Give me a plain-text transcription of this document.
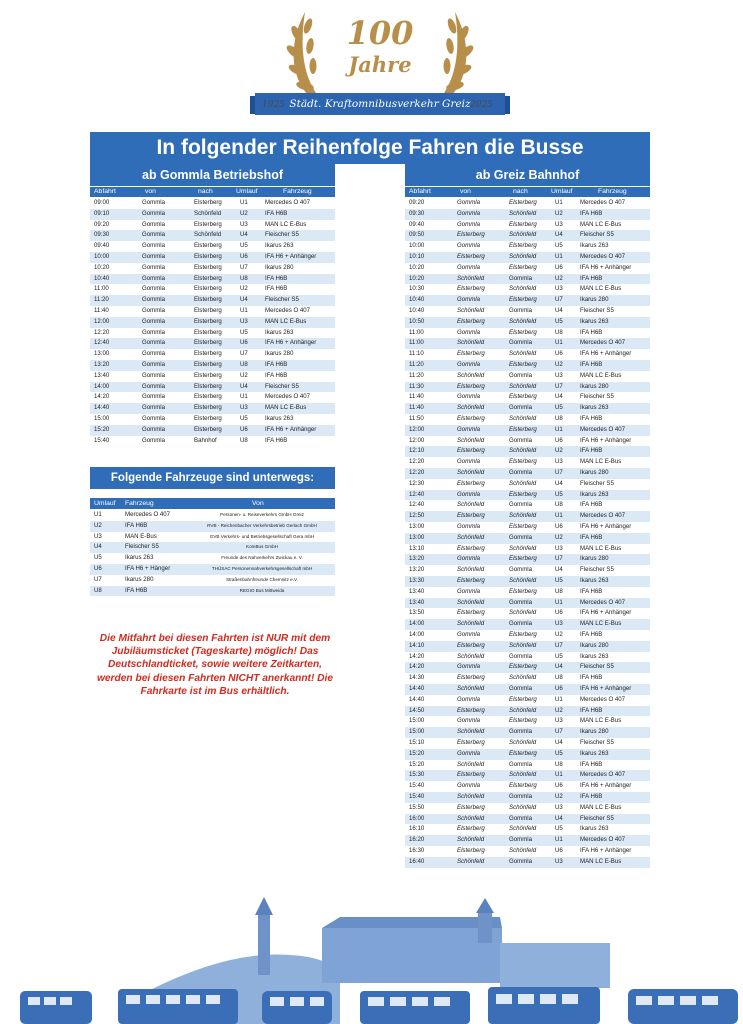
100
Jahre
Städt. Kraftomnibusverkehr Greiz
1925	2025
In folgender Reihenfolge Fahren die Busse
ab Gommla Betriebshof
Abfahrt	von	nach	Umlauf	Fahrzeug
09:00	Gommla	Elsterberg	U1	Mercedes O 407
09:10	Gommla	Schönfeld	U2	IFA H6B
09:20	Gommla	Elsterberg	U3	MAN LC E-Bus
09:30	Gommla	Schönfeld	U4	Fleischer S5
09:40	Gommla	Elsterberg	U5	Ikarus 263
10:00	Gommla	Elsterberg	U6	IFA H6 + Anhänger
10:20	Gommla	Elsterberg	U7	Ikarus 280
10:40	Gommla	Elsterberg	U8	IFA H6B
11:00	Gommla	Elsterberg	U2	IFA H6B
11:20	Gommla	Elsterberg	U4	Fleischer S5
11:40	Gommla	Elsterberg	U1	Mercedes O 407
12:00	Gommla	Elsterberg	U3	MAN LC E-Bus
12:20	Gommla	Elsterberg	U5	Ikarus 263
12:40	Gommla	Elsterberg	U6	IFA H6 + Anhänger
13:00	Gommla	Elsterberg	U7	Ikarus 280
13:20	Gommla	Elsterberg	U8	IFA H6B
13:40	Gommla	Elsterberg	U2	IFA H6B
14:00	Gommla	Elsterberg	U4	Fleischer S5
14:20	Gommla	Elsterberg	U1	Mercedes O 407
14:40	Gommla	Elsterberg	U3	MAN LC E-Bus
15:00	Gommla	Elsterberg	U5	Ikarus 263
15:20	Gommla	Elsterberg	U6	IFA H6 + Anhänger
15:40	Gommla	Bahnhof	U8	IFA H6B
ab Greiz Bahnhof
Abfahrt	von	nach	Umlauf	Fahrzeug
09:20	Gommla	Elsterberg	U1	Mercedes O 407
09:30	Gommla	Schönfeld	U2	IFA H6B
09:40	Gommla	Elsterberg	U3	MAN LC E-Bus
09:50	Elsterberg	Schönfeld	U4	Fleischer S5
10:00	Gommla	Elsterberg	U5	Ikarus 263
10:10	Elsterberg	Schönfeld	U1	Mercedes O 407
10:20	Gommla	Elsterberg	U6	IFA H6 + Anhänger
10:20	Schönfeld	Gommla	U2	IFA H6B
10:30	Elsterberg	Schönfeld	U3	MAN LC E-Bus
10:40	Gommla	Elsterberg	U7	Ikarus 280
10:40	Schönfeld	Gommla	U4	Fleischer S5
10:50	Elsterberg	Schönfeld	U5	Ikarus 263
11:00	Gommla	Elsterberg	U8	IFA H6B
11:00	Schönfeld	Gommla	U1	Mercedes O 407
11:10	Elsterberg	Schönfeld	U6	IFA H6 + Anhänger
11:20	Gommla	Elsterberg	U2	IFA H6B
11:20	Schönfeld	Gommla	U3	MAN LC E-Bus
11:30	Elsterberg	Schönfeld	U7	Ikarus 280
11:40	Gommla	Elsterberg	U4	Fleischer S5
11:40	Schönfeld	Gommla	U5	Ikarus 263
11:50	Elsterberg	Schönfeld	U8	IFA H6B
12:00	Gommla	Elsterberg	U1	Mercedes O 407
12:00	Schönfeld	Gommla	U6	IFA H6 + Anhänger
12:10	Elsterberg	Schönfeld	U2	IFA H6B
12:20	Gommla	Elsterberg	U3	MAN LC E-Bus
12:20	Schönfeld	Gommla	U7	Ikarus 280
12:30	Elsterberg	Schönfeld	U4	Fleischer S5
12:40	Gommla	Elsterberg	U5	Ikarus 263
12:40	Schönfeld	Gommla	U8	IFA H6B
12:50	Elsterberg	Schönfeld	U1	Mercedes O 407
13:00	Gommla	Elsterberg	U6	IFA H6 + Anhänger
13:00	Schönfeld	Gommla	U2	IFA H6B
13:10	Elsterberg	Schönfeld	U3	MAN LC E-Bus
13:20	Gommla	Elsterberg	U7	Ikarus 280
13:20	Schönfeld	Gommla	U4	Fleischer S5
13:30	Elsterberg	Schönfeld	U5	Ikarus 263
13:40	Gommla	Elsterberg	U8	IFA H6B
13:40	Schönfeld	Gommla	U1	Mercedes O 407
13:50	Elsterberg	Schönfeld	U6	IFA H6 + Anhänger
14:00	Schönfeld	Gommla	U3	MAN LC E-Bus
14:00	Gommla	Elsterberg	U2	IFA H6B
14:10	Elsterberg	Schönfeld	U7	Ikarus 280
14:20	Schönfeld	Gommla	U5	Ikarus 263
14:20	Gommla	Elsterberg	U4	Fleischer S5
14:30	Elsterberg	Schönfeld	U8	IFA H6B
14:40	Schönfeld	Gommla	U6	IFA H6 + Anhänger
14:40	Gommla	Elsterberg	U1	Mercedes O 407
14:50	Elsterberg	Schönfeld	U2	IFA H6B
15:00	Gommla	Elsterberg	U3	MAN LC E-Bus
15:00	Schönfeld	Gommla	U7	Ikarus 280
15:10	Elsterberg	Schönfeld	U4	Fleischer S5
15:20	Gommla	Elsterberg	U5	Ikarus 263
15:20	Schönfeld	Gommla	U8	IFA H6B
15:30	Elsterberg	Schönfeld	U1	Mercedes O 407
15:40	Gommla	Elsterberg	U6	IFA H6 + Anhänger
15:40	Schönfeld	Gommla	U2	IFA H6B
15:50	Elsterberg	Schönfeld	U3	MAN LC E-Bus
16:00	Schönfeld	Gommla	U4	Fleischer S5
16:10	Elsterberg	Schönfeld	U5	Ikarus 263
16:20	Schönfeld	Gommla	U1	Mercedes O 407
16:30	Elsterberg	Schönfeld	U6	IFA H6 + Anhänger
16:40	Schönfeld	Gommla	U3	MAN LC E-Bus
Folgende Fahrzeuge sind unterwegs:
Umlauf Fahrzeug	Von
U1	Mercedes O 407	Personen- u. Reiseverkehrs GmbH Greiz
U2	IFA H6B	RVB - Reichenbacher Verkehrsbetrieb Gerlach GmbH
U3	MAN E-Bus	GVB Verkehrs- und Betriebsgesellschaft Gera mbH
U4	Fleischer S5	KomBus GmbH
U5	Ikarus 263	Freunde des Nahverkehrs Zwickau e. V.
U6	IFA H6 + Hänger	THÜSAC Personennahverkehrsgesellschaft mbH
U7	Ikarus 280	Straßenbahnfreunde Chemnitz e.V.
U8	IFA H6B	REGIO Bus Mittweida
Die Mitfahrt bei diesen Fahrten ist NUR mit dem Jubiläumsticket (Tageskarte) möglich! Das Deutschlandticket, sowie weitere Zeitkarten, werden bei diesen Fahrten NICHT anerkannt! Die Fahrkarte ist im Bus erhältlich.
